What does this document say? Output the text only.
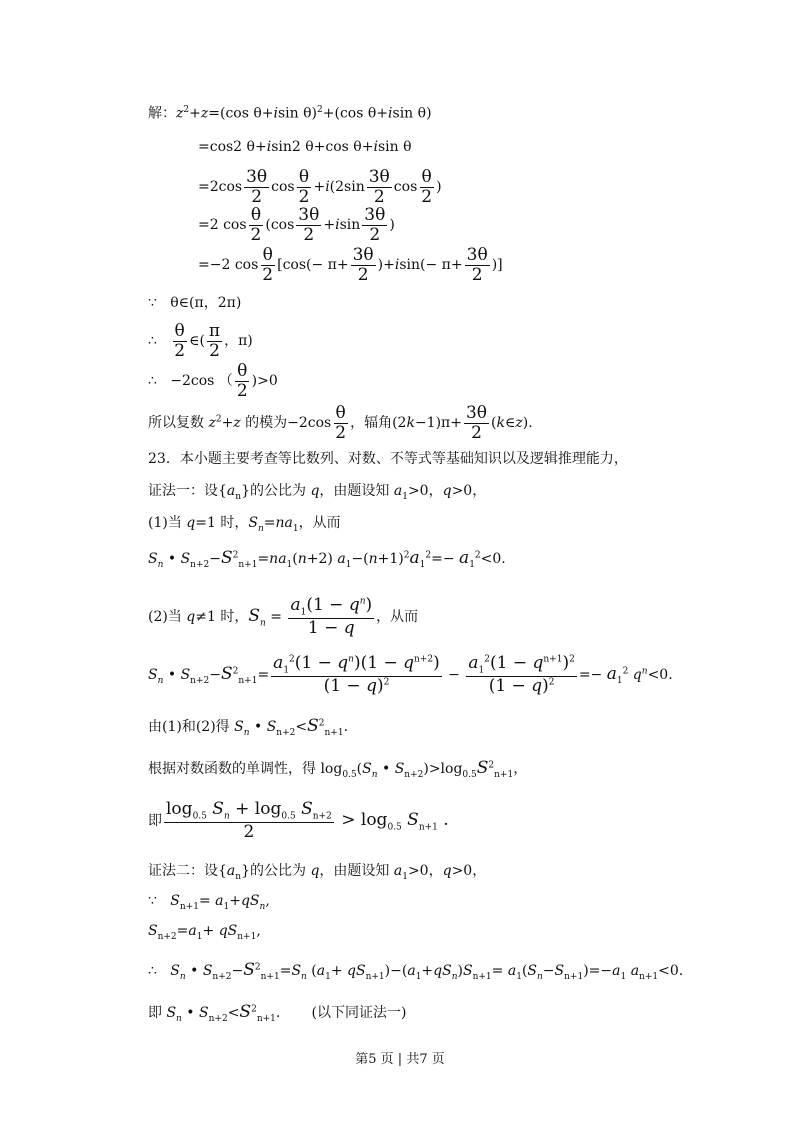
解：$z^2+z=(\cos$ θ+isin θ)$^2$+(cos θ+isin θ)
=cos2 θ+isin2 θ+cos θ+isin θ
$=2\cos \frac{3\theta}{2}$ $\cos \frac{\theta}{2} +i(2\sin \frac{3\theta}{2}$ $\cos \frac{\theta}{2}$ )
=2 $\cos \frac{\theta}{2} (\cos \frac{3\theta}{2} +isin \frac{3\theta}{2}$ )
=−2 $\cos \frac{\theta}{2} [\cos(- \pi+ \frac{3\theta}{2} )+isin(- \pi+ \frac{3\theta}{2}$ )]
∵   θ∈(π，2π)
∴ $\frac{\theta}{2}$ ∈( $\frac{\pi}{2}$ ，π)
∴   −2cos （ $\frac{\theta}{2} )>0$
所以复数 $z^2+z$ 的模为$-2\cos \frac{\theta}{2}$ ，辐角$(2k-1)\pi+ \frac{3\theta}{2}$ (k∈z).
23．本小题主要考查等比数列、对数、不等式等基础知识以及逻辑推理能力，
证法一：设$\{a_n\}$的公比为 q，由题设知 $a_1>0$，q>0，
(1)当 q=1 时，$S_n=na_1$，从而
$S_n$ • $S_{n+2}-S^2_{n+1}=na_1(n+2)$ $a_1-(n+1)^2a_1^2=- a_1^2<0$.
(2)当 q≠1 时，$S_n = \frac{a_1(1 - q^n)}{1 - q}$ ，从而
$S_n$ • $S_{n+2}-S^2_{n+1}= \frac{a_1^2(1 - q^n)(1 - q^{n+2})}{(1 - q)^2} - \frac{a_1^2(1 - q^{n+1})^2}{(1 - q)^2} =- a_1^2$ $q^n<0$.
由(1)和(2)得 $S_n$ • $S_{n+2}<S^2_{n+1}$.
根据对数函数的单调性，得 $\log_{0.5}(S_n$ • $S_{n+2})>\log_{0.5}S^2_{n+1}$，
即 $\frac{\log_{0.5} S_n + \log_{0.5} S_{n+2}}{2} > \log_{0.5} S_{n+1}$ .
证法二：设$\{a_n\}$的公比为 q，由题设知 $a_1>0$，q>0，
∵   $S_{n+1}= a_1+qS_n$,
$S_{n+2}=a_1+ qS_{n+1}$,
∴   $S_n$ • $S_{n+2}-S^2_{n+1}=S_n$ $(a_1+ qS_{n+1})-(a_1+qS_n)S_{n+1}= a_1(S_n-S_{n+1})=-a_1$ $a_{n+1}<0$.
即 $S_n$ • $S_{n+2}<S^2_{n+1}$.       (以下同证法一)
第5 页 | 共7 页
